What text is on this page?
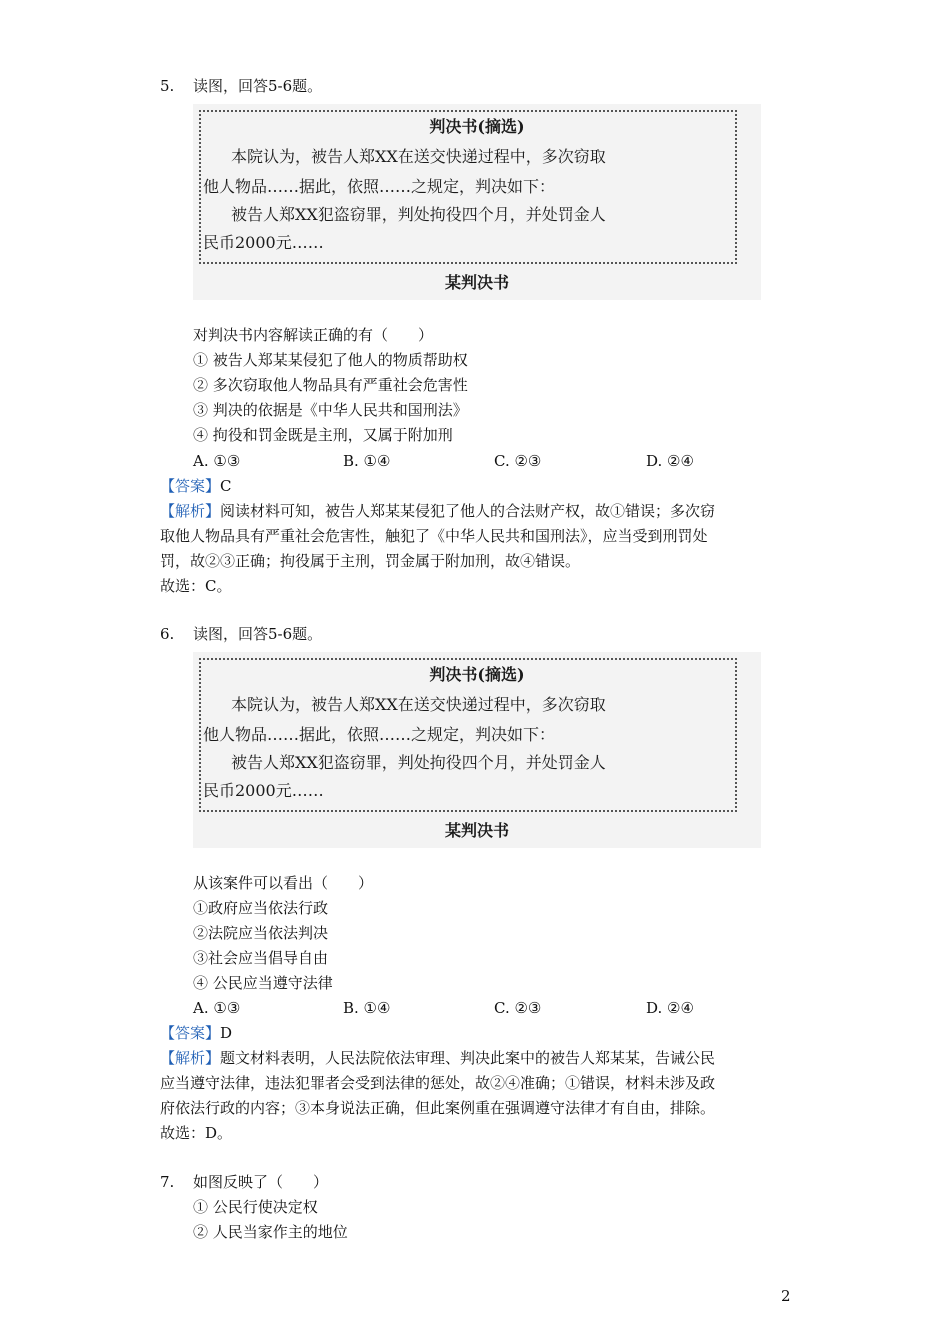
5. 读图，回答5-6题。
判决书(摘选)
本院认为，被告人郑XX在送交快递过程中，多次窃取
他人物品……据此，依照……之规定，判决如下：
被告人郑XX犯盗窃罪，判处拘役四个月，并处罚金人
民币2000元……
某判决书
对判决书内容解读正确的有（　　）
① 被告人郑某某侵犯了他人的物质帮助权
② 多次窃取他人物品具有严重社会危害性
③ 判决的依据是《中华人民共和国刑法》
④ 拘役和罚金既是主刑，又属于附加刑
A. ①③	B. ①④	C. ②③	D. ②④
【答案】C
【解析】阅读材料可知，被告人郑某某侵犯了他人的合法财产权，故①错误；多次窃
取他人物品具有严重社会危害性，触犯了《中华人民共和国刑法》，应当受到刑罚处
罚，故②③正确；拘役属于主刑，罚金属于附加刑，故④错误。
故选：C。
6. 读图，回答5-6题。
判决书(摘选)
本院认为，被告人郑XX在送交快递过程中，多次窃取
他人物品……据此，依照……之规定，判决如下：
被告人郑XX犯盗窃罪，判处拘役四个月，并处罚金人
民币2000元……
某判决书
从该案件可以看出（　　）
①政府应当依法行政
②法院应当依法判决
③社会应当倡导自由
④ 公民应当遵守法律
A. ①③	B. ①④	C. ②③	D. ②④
【答案】D
【解析】题文材料表明，人民法院依法审理、判决此案中的被告人郑某某，告诫公民
应当遵守法律，违法犯罪者会受到法律的惩处，故②④准确；①错误，材料未涉及政
府依法行政的内容；③本身说法正确，但此案例重在强调遵守法律才有自由，排除。
故选：D。
7. 如图反映了（　　）
① 公民行使决定权
② 人民当家作主的地位
2
